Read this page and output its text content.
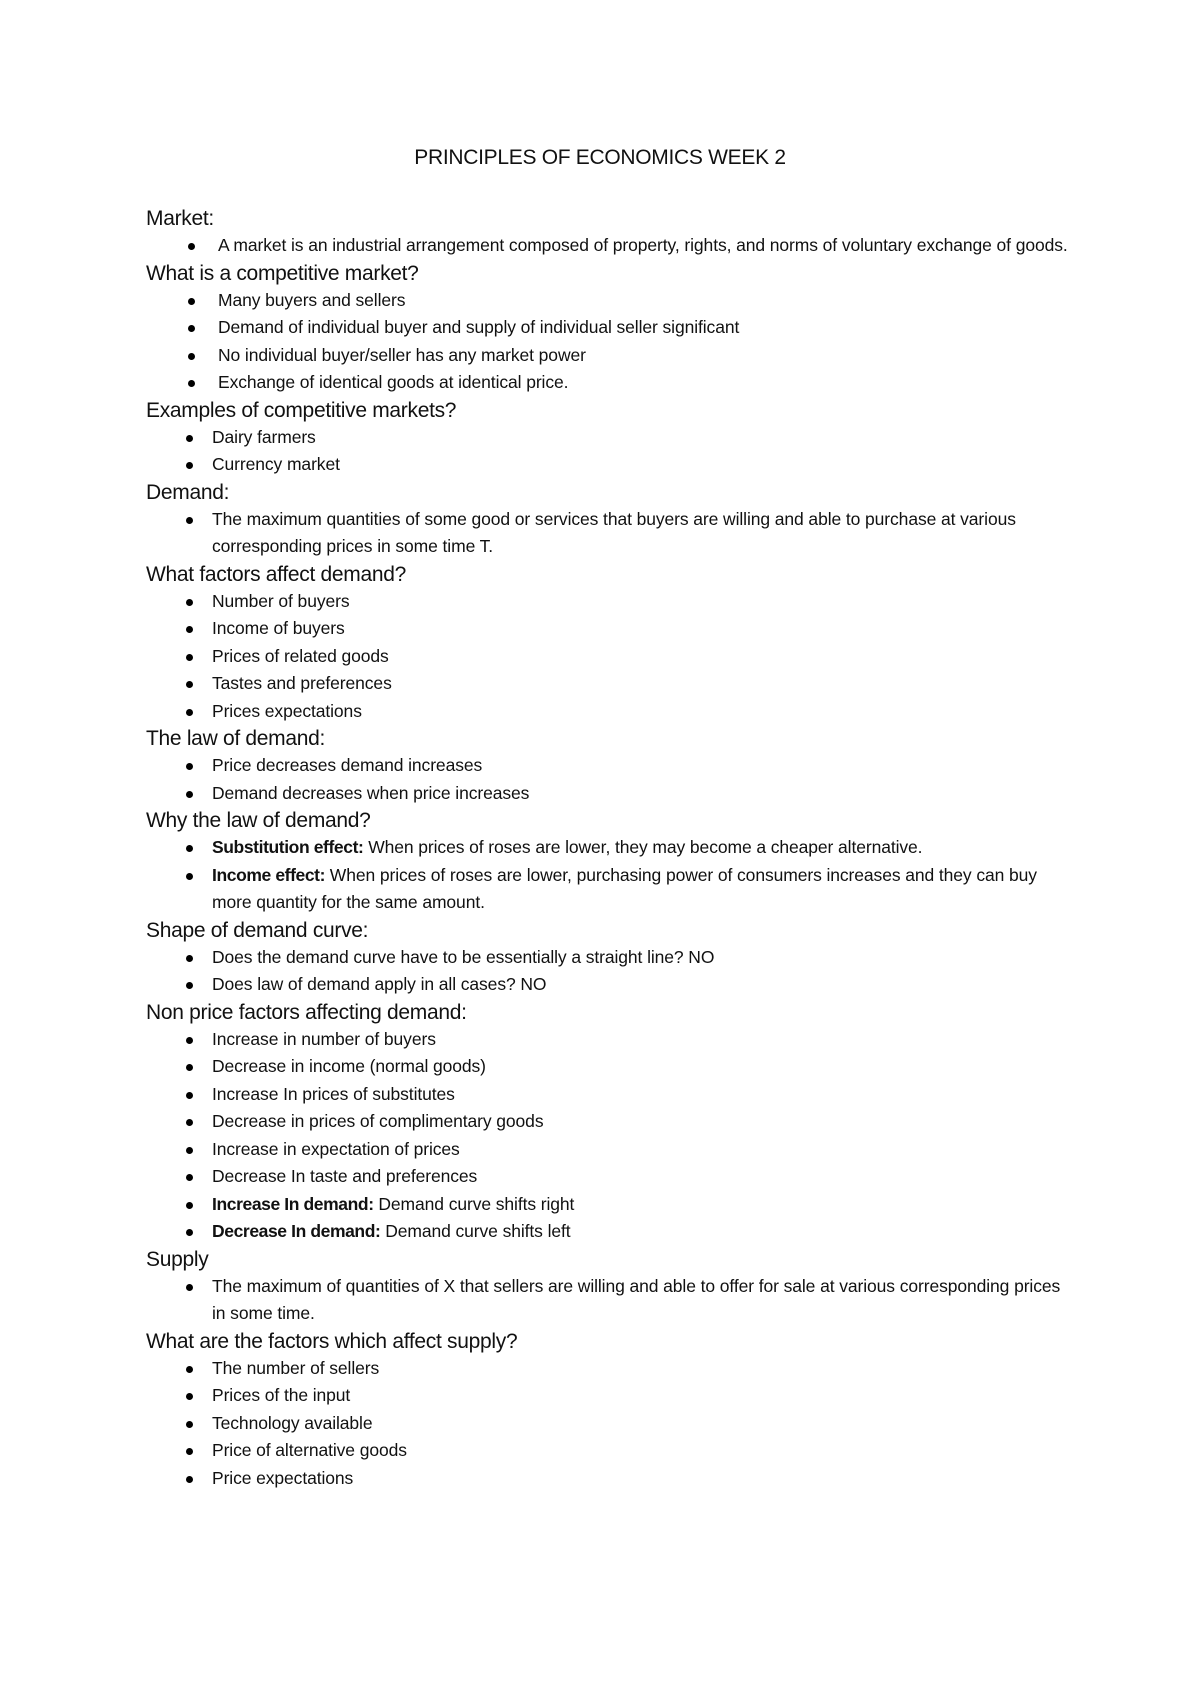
PRINCIPLES OF ECONOMICS WEEK 2
Market:
A market is an industrial arrangement composed of property, rights, and norms of voluntary exchange of goods.
What is a competitive market?
Many buyers and sellers
Demand of individual buyer and supply of individual seller significant
No individual buyer/seller has any market power
Exchange of identical goods at identical price.
Examples of competitive markets?
Dairy farmers
Currency market
Demand:
The maximum quantities of some good or services that buyers are willing and able to purchase at various corresponding prices in some time T.
What factors affect demand?
Number of buyers
Income of buyers
Prices of related goods
Tastes and preferences
Prices expectations
The law of demand:
Price decreases demand increases
Demand decreases when price increases
Why the law of demand?
Substitution effect: When prices of roses are lower, they may become a cheaper alternative.
Income effect: When prices of roses are lower, purchasing power of consumers increases and they can buy more quantity for the same amount.
Shape of demand curve:
Does the demand curve have to be essentially a straight line? NO
Does law of demand apply in all cases? NO
Non price factors affecting demand:
Increase in number of buyers
Decrease in income (normal goods)
Increase In prices of substitutes
Decrease in prices of complimentary goods
Increase in expectation of prices
Decrease In taste and preferences
Increase In demand: Demand curve shifts right
Decrease In demand: Demand curve shifts left
Supply
The maximum of quantities of X that sellers are willing and able to offer for sale at various corresponding prices in some time.
What are the factors which affect supply?
The number of sellers
Prices of the input
Technology available
Price of alternative goods
Price expectations
